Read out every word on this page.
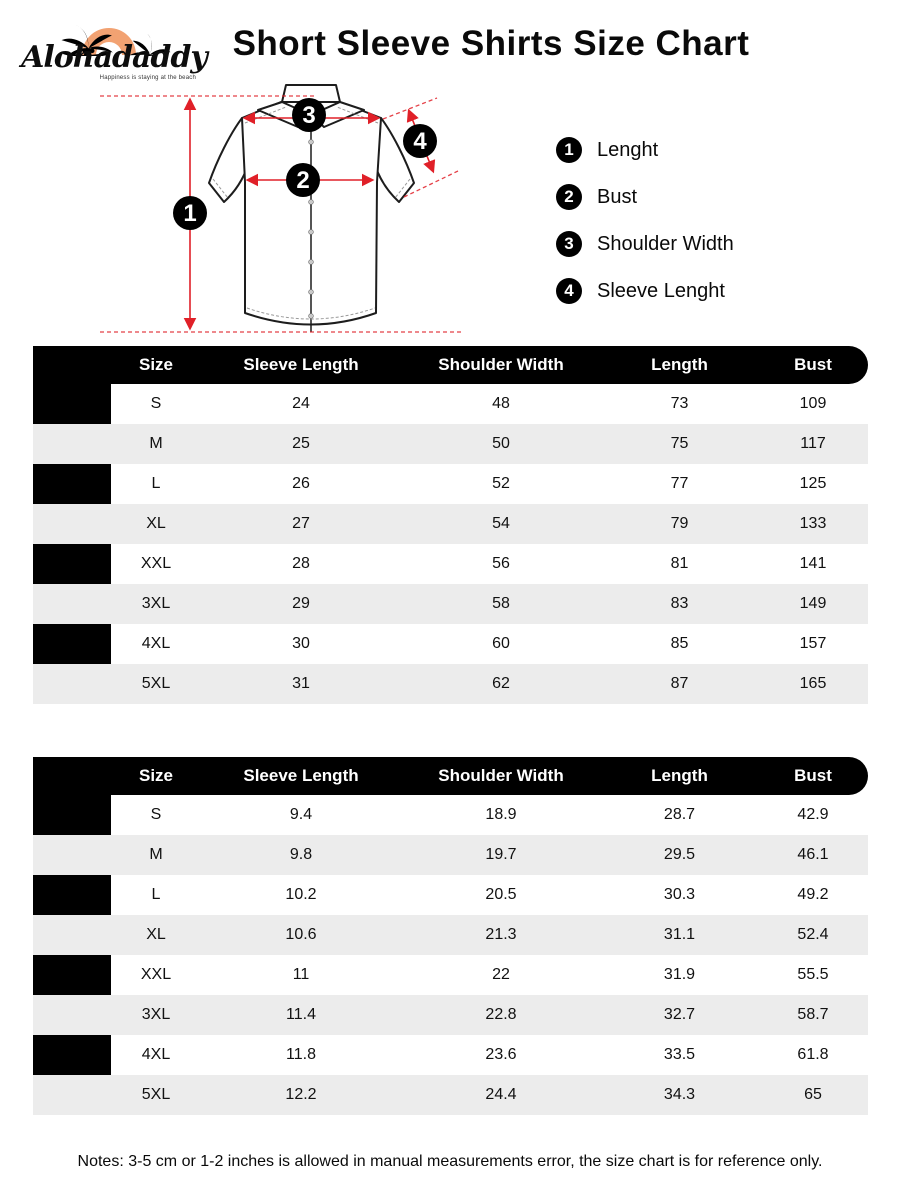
Alohadaddy
Happiness is staying at the beach
Short Sleeve Shirts Size Chart
1
2
3
4	1	Lenght
2	Bust
3	Shoulder Width
4	Sleeve Lenght
Size	Sleeve Length	Shoulder Width	Length	Bust
S	24	48	73	109
M	25	50	75	117
L	26	52	77	125
XL	27	54	79	133
XXL	28	56	81	141
3XL	29	58	83	149
4XL	30	60	85	157
5XL	31	62	87	165
Size	Sleeve Length	Shoulder Width	Length	Bust
S	9.4	18.9	28.7	42.9
M	9.8	19.7	29.5	46.1
L	10.2	20.5	30.3	49.2
XL	10.6	21.3	31.1	52.4
XXL	11	22	31.9	55.5
3XL	11.4	22.8	32.7	58.7
4XL	11.8	23.6	33.5	61.8
5XL	12.2	24.4	34.3	65
Notes: 3-5 cm or 1-2 inches is allowed in manual measurements error, the size chart is for reference only.
